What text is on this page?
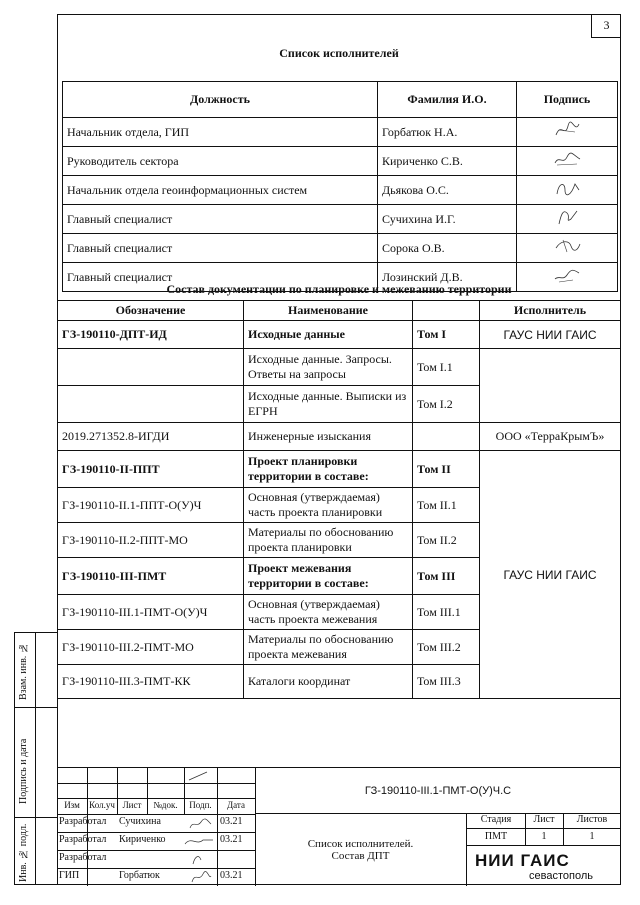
3
Список исполнителей
Должность	Фамилия И.О.	Подпись
Начальник отдела, ГИП	Горбатюк Н.А.	
Руководитель сектора	Кириченко С.В.	
Начальник отдела геоинформационных систем	Дьякова О.С.	
Главный специалист	Сучихина И.Г.	
Главный специалист	Сорока О.В.	
Главный специалист	Лозинский Д.В.	
Состав документации по планировке и межеванию территории
Обозначение	Наименование		Исполнитель
ГЗ-190110-ДПТ-ИД	Исходные данные	Том I	ГАУС НИИ ГАИС
	Исходные данные. Запросы. Ответы на запросы	Том I.1	
	Исходные данные. Выписки из ЕГРН	Том I.2	
2019.271352.8-ИГДИ	Инженерные изыскания		ООО «ТерраКрымЪ»
ГЗ-190110-II-ППТ	Проект планировки территории в составе:	Том II	ГАУС НИИ ГАИС
ГЗ-190110-II.1-ППТ-О(У)Ч	Основная (утверждаемая) часть проекта планировки	Том II.1	
ГЗ-190110-II.2-ППТ-МО	Материалы по обоснованию проекта планировки	Том II.2	
ГЗ-190110-III-ПМТ	Проект межевания территории в составе:	Том III	
ГЗ-190110-III.1-ПМТ-О(У)Ч	Основная (утверждаемая) часть проекта межевания	Том III.1	
ГЗ-190110-III.2-ПМТ-МО	Материалы по обоснованию проекта межевания	Том III.2	
ГЗ-190110-III.3-ПМТ-КК	Каталоги координат	Том III.3	
Взам. инв. №
Подпись и дата
Инв. № подл.
Изм	Кол.уч Лист	№док.	Подп.	Дата
Разработал Сучихина	03.21
Разработал Кириченко	03.21
Разработал
ГИП	Горбатюк	03.21
ГЗ-190110-III.1-ПМТ-О(У)Ч.С
Список исполнителей. Состав ДПТ
Стадия	Лист	Листов
ПМТ	1	1
НИИ ГАИС
севастополь
